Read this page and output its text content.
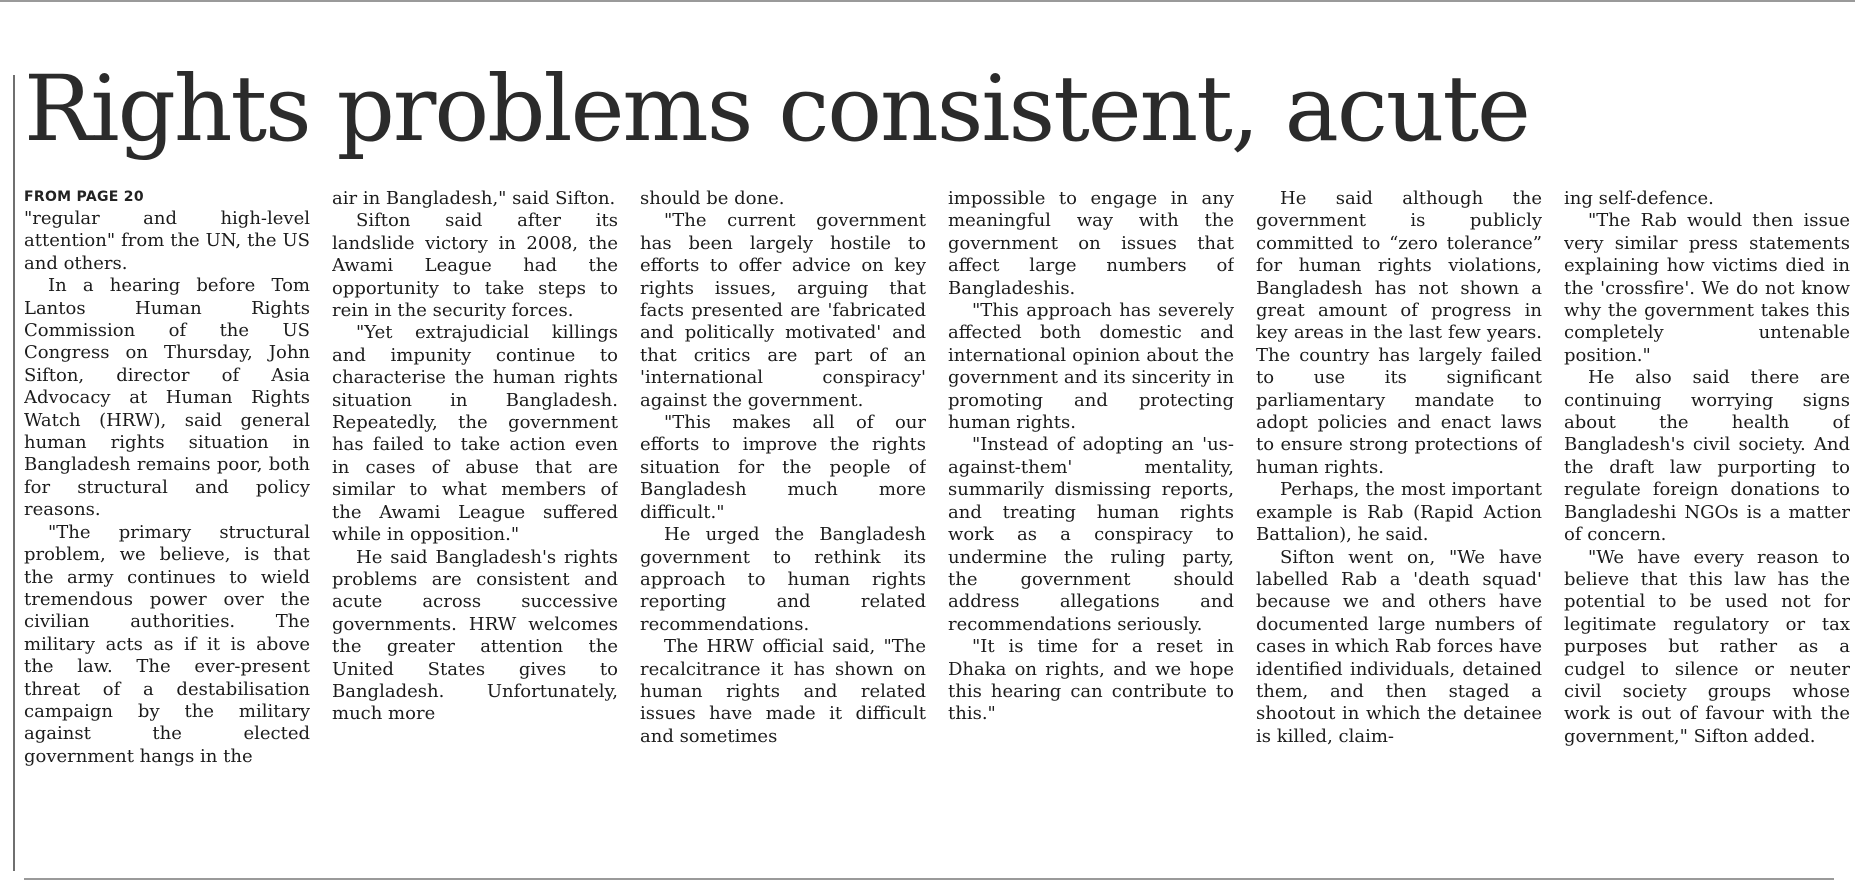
Rights problems consistent, acute
FROM PAGE 20

"regular and high-level attention" from the UN, the US and others.

In a hearing before Tom Lantos Human Rights Commission of the US Congress on Thursday, John Sifton, director of Asia Advocacy at Human Rights Watch (HRW), said general human rights situation in Bangladesh remains poor, both for structural and policy reasons.

"The primary structural problem, we believe, is that the army continues to wield tremendous power over the civilian authorities. The military acts as if it is above the law. The ever-present threat of a destabilisation campaign by the military against the elected government hangs in the

air in Bangladesh," said Sifton.

Sifton said after its landslide victory in 2008, the Awami League had the opportunity to take steps to rein in the security forces.

"Yet extrajudicial killings and impunity continue to characterise the human rights situation in Bangladesh. Repeatedly, the government has failed to take action even in cases of abuse that are similar to what members of the Awami League suffered while in opposition."

He said Bangladesh's rights problems are consistent and acute across successive governments. HRW welcomes the greater attention the United States gives to Bangladesh. Unfortunately, much more

should be done.

"The current government has been largely hostile to efforts to offer advice on key rights issues, arguing that facts presented are 'fabricated and politically motivated' and that critics are part of an 'international conspiracy' against the government.

"This makes all of our efforts to improve the rights situation for the people of Bangladesh much more difficult."

He urged the Bangladesh government to rethink its approach to human rights reporting and related recommendations.

The HRW official said, "The recalcitrance it has shown on human rights and related issues have made it difficult and sometimes

impossible to engage in any meaningful way with the government on issues that affect large numbers of Bangladeshis.

"This approach has severely affected both domestic and international opinion about the government and its sincerity in promoting and protecting human rights.

"Instead of adopting an 'us-against-them' mentality, summarily dismissing reports, and treating human rights work as a conspiracy to undermine the ruling party, the government should address allegations and recommendations seriously.

"It is time for a reset in Dhaka on rights, and we hope this hearing can contribute to this."

He said although the government is publicly committed to “zero tolerance” for human rights violations, Bangladesh has not shown a great amount of progress in key areas in the last few years. The country has largely failed to use its significant parliamentary mandate to adopt policies and enact laws to ensure strong protections of human rights.

Perhaps, the most important example is Rab (Rapid Action Battalion), he said.

Sifton went on, "We have labelled Rab a 'death squad' because we and others have documented large numbers of cases in which Rab forces have identified individuals, detained them, and then staged a shootout in which the detainee is killed, claim-

ing self-defence.

"The Rab would then issue very similar press statements explaining how victims died in the 'crossfire'. We do not know why the government takes this completely untenable position."

He also said there are continuing worrying signs about the health of Bangladesh's civil society. And the draft law purporting to regulate foreign donations to Bangladeshi NGOs is a matter of concern.

"We have every reason to believe that this law has the potential to be used not for legitimate regulatory or tax purposes but rather as a cudgel to silence or neuter civil society groups whose work is out of favour with the government," Sifton added.
